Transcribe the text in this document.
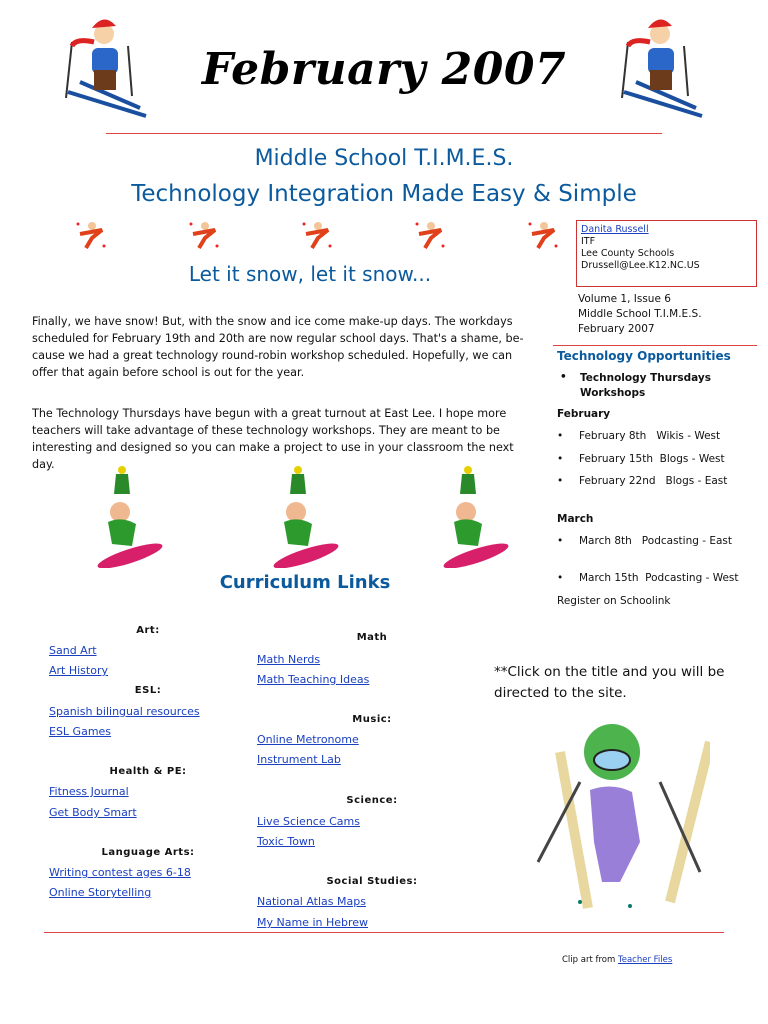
February 2007
Middle School T.I.M.E.S.
Technology Integration Made Easy & Simple
Let it snow, let it snow...
Finally, we have snow! But, with the snow and ice come make-up days. The workdays scheduled for February 19th and 20th are now regular school days. That's a shame, be-cause we had a great technology round-robin workshop scheduled. Hopefully, we can offer that again before school is out for the year.
The Technology Thursdays have begun with a great turnout at East Lee. I hope more teachers will take advantage of these technology workshops. They are meant to be interesting and designed so you can make a project to use in your classroom the next day.
Danita Russell
ITF
Lee County Schools
Drussell@Lee.K12.NC.US
Volume 1, Issue 6
Middle School T.I.M.E.S.
February 2007
Technology Opportunities
• Technology Thursdays Workshops
February
• February 8th   Wikis - West
• February 15th  Blogs - West
• February 22nd   Blogs - East
March
• March 8th   Podcasting - East
• March 15th  Podcasting - West
Register on Schoolink
Curriculum Links
Art:
Sand Art
Art History
ESL:
Spanish bilingual resources
ESL Games
Health & PE:
Fitness Journal
Get Body Smart
Language Arts:
Writing contest ages 6-18
Online Storytelling
Math
Math Nerds
Math Teaching Ideas
Music:
Online Metronome
Instrument Lab
Science:
Live Science Cams
Toxic Town
Social Studies:
National Atlas Maps
My Name in Hebrew
**Click on the title and you will be directed to the site.
Clip art from Teacher Files
